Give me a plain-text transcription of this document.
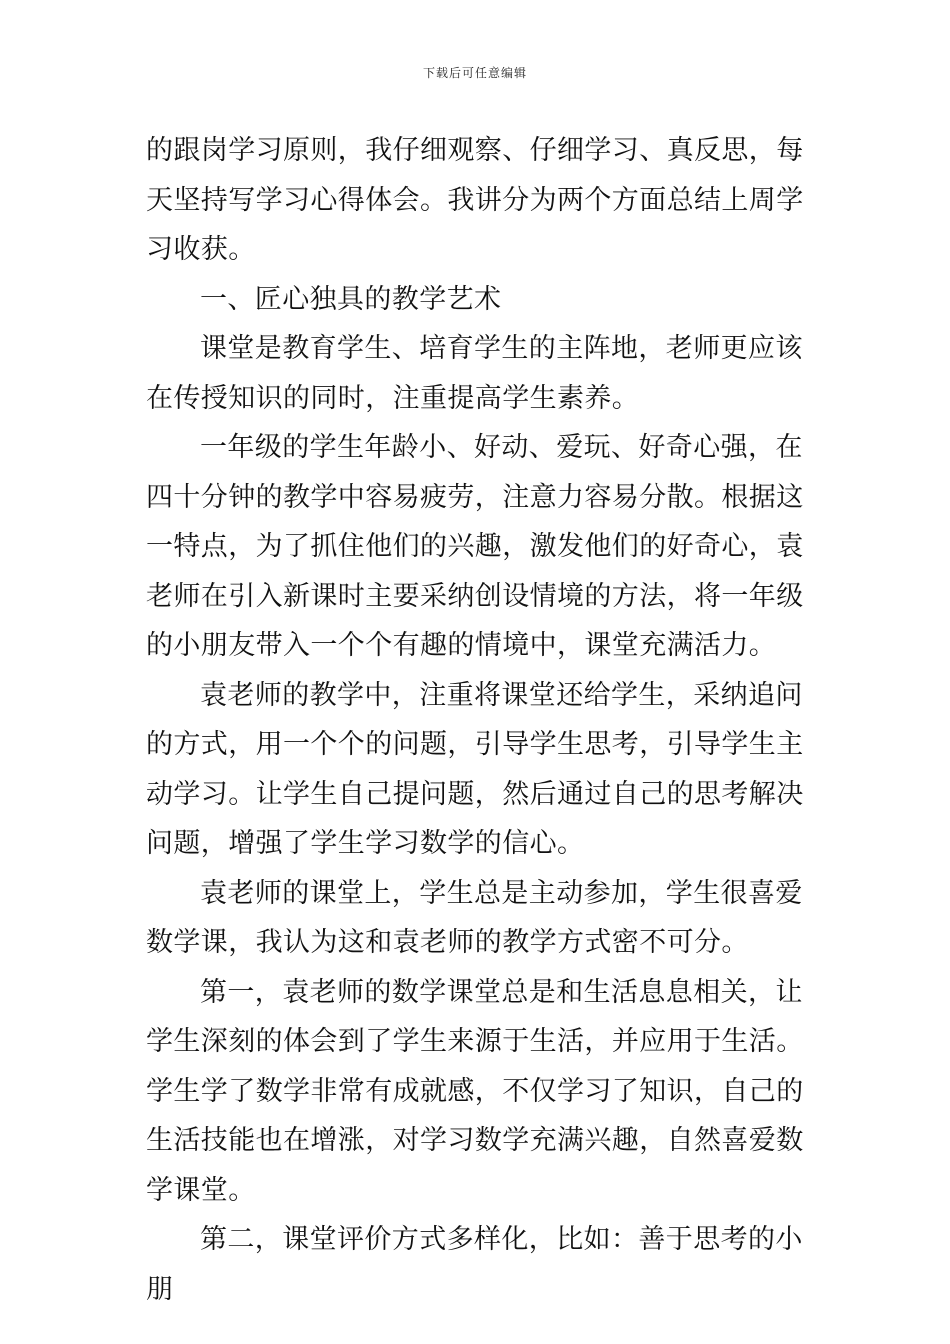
下载后可任意编辑

的跟岗学习原则，我仔细观察、仔细学习、真反思，每天坚持写学习心得体会。我讲分为两个方面总结上周学习收获。

一、匠心独具的教学艺术

课堂是教育学生、培育学生的主阵地，老师更应该在传授知识的同时，注重提高学生素养。

一年级的学生年龄小、好动、爱玩、好奇心强，在四十分钟的教学中容易疲劳，注意力容易分散。根据这一特点，为了抓住他们的兴趣，激发他们的好奇心，袁老师在引入新课时主要采纳创设情境的方法，将一年级的小朋友带入一个个有趣的情境中，课堂充满活力。

袁老师的教学中，注重将课堂还给学生，采纳追问的方式，用一个个的问题，引导学生思考，引导学生主动学习。让学生自己提问题，然后通过自己的思考解决问题，增强了学生学习数学的信心。

袁老师的课堂上，学生总是主动参加，学生很喜爱数学课，我认为这和袁老师的教学方式密不可分。

第一，袁老师的数学课堂总是和生活息息相关，让学生深刻的体会到了学生来源于生活，并应用于生活。学生学了数学非常有成就感，不仅学习了知识，自己的生活技能也在增涨，对学习数学充满兴趣，自然喜爱数学课堂。

第二，课堂评价方式多样化，比如：善于思考的小朋
